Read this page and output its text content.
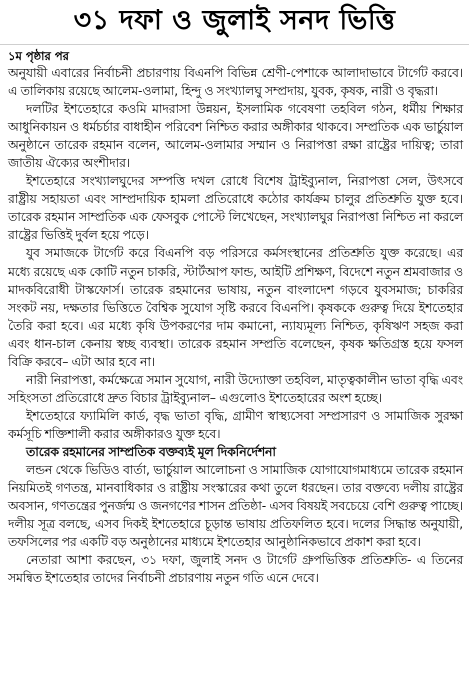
৩১ দফা ও জুলাই সনদ ভিত্তি
১ম পৃষ্ঠার পর

অনুযায়ী এবারের নির্বাচনী প্রচারণায় বিএনপি বিভিন্ন শ্রেণী-পেশাকে আলাদাভাবে টার্গেট করবে। এ তালিকায় রয়েছে আলেম-ওলামা, হিন্দু ও সংখ্যালঘু সম্প্রদায়, যুবক, কৃষক, নারী ও বৃদ্ধরা।

দলটির ইশতেহারে কওমি মাদরাসা উন্নয়ন, ইসলামিক গবেষণা তহবিল গঠন, ধর্মীয় শিক্ষার আধুনিকায়ন ও ধর্মচর্চার বাধাহীন পরিবেশ নিশ্চিত করার অঙ্গীকার থাকবে। সম্প্রতিক এক ভার্চুয়াল অনুষ্ঠানে তারেক রহমান বলেন, আলেম-ওলামার সম্মান ও নিরাপত্তা রক্ষা রাষ্ট্রের দায়িত্ব; তারা জাতীয় ঐক্যের অংশীদার।

ইশতেহারে সংখ্যালঘুদের সম্পত্তি দখল রোধে বিশেষ ট্রাইব্যুনাল, নিরাপত্তা সেল, উৎসবে রাষ্ট্রীয় সহায়তা এবং সাম্প্রদায়িক হামলা প্রতিরোধে কঠোর কার্যক্রম চালুর প্রতিশ্রুতি যুক্ত হবে। তারেক রহমান সাম্প্রতিক এক ফেসবুক পোস্টে লিখেছেন, সংখ্যালঘুর নিরাপত্তা নিশ্চিত না করলে রাষ্ট্রের ভিত্তিই দুর্বল হয়ে পড়ে।

যুব সমাজকে টার্গেট করে বিএনপি বড় পরিসরে কর্মসংস্থানের প্রতিশ্রুতি যুক্ত করেছে। এর মধ্যে রয়েছে এক কোটি নতুন চাকরি, স্টার্টআপ ফান্ড, আইটি প্রশিক্ষণ, বিদেশে নতুন শ্রমবাজার ও মাদকবিরোধী টাস্কফোর্স। তারেক রহমানের ভাষায়, নতুন বাংলাদেশ গড়বে যুবসমাজ; চাকরির সংকট নয়, দক্ষতার ভিত্তিতে বৈশ্বিক সুযোগ সৃষ্টি করবে বিএনপি। কৃষককে গুরুত্ব দিয়ে ইশতেহার তৈরি করা হবে। এর মধ্যে কৃষি উপকরণের দাম কমানো, ন্যায্যমূল্য নিশ্চিত, কৃষিঋণ সহজ করা এবং ধান-চাল কেনায় স্বচ্ছ ব্যবস্থা। তারেক রহমান সম্প্রতি বলেছেন, কৃষক ক্ষতিগ্রস্ত হয়ে ফসল বিক্রি করবে– এটা আর হবে না।

নারী নিরাপত্তা, কর্মক্ষেত্রে সমান সুযোগ, নারী উদ্যোক্তা তহবিল, মাতৃত্বকালীন ভাতা বৃদ্ধি এবং সহিংসতা প্রতিরোধে দ্রুত বিচার ট্রাইব্যুনাল– এগুলোও ইশতেহারের অংশ হচ্ছে।

ইশতেহারে ফ্যামিলি কার্ড, বৃদ্ধ ভাতা বৃদ্ধি, গ্রামীণ স্বাস্থ্যসেবা সম্প্রসারণ ও সামাজিক সুরক্ষা কর্মসূচি শক্তিশালী করার অঙ্গীকারও যুক্ত হবে।

তারেক রহমানের সাম্প্রতিক বক্তব্যই মূল দিকনির্দেশনা

লন্ডন থেকে ভিডিও বার্তা, ভার্চুয়াল আলোচনা ও সামাজিক যোগাযোগমাধ্যমে তারেক রহমান নিয়মিতই গণতন্ত্র, মানবাধিকার ও রাষ্ট্রীয় সংস্কারের কথা তুলে ধরছেন। তার বক্তব্যে দলীয় রাষ্ট্রের অবসান, গণতন্ত্রের পুনর্জন্ম ও জনগণের শাসন প্রতিষ্ঠা- এসব বিষয়ই সবচেয়ে বেশি গুরুত্ব পাচ্ছে। দলীয় সূত্র বলছে, এসব দিকই ইশতেহারে চূড়ান্ত ভাষায় প্রতিফলিত হবে। দলের সিদ্ধান্ত অনুযায়ী, তফসিলের পর একটি বড় অনুষ্ঠানের মাধ্যমে ইশতেহার আনুষ্ঠানিকভাবে প্রকাশ করা হবে।

নেতারা আশা করছেন, ৩১ দফা, জুলাই সনদ ও টার্গেট গ্রুপভিত্তিক প্রতিশ্রুতি- এ তিনের সমন্বিত ইশতেহার তাদের নির্বাচনী প্রচারণায় নতুন গতি এনে দেবে।
